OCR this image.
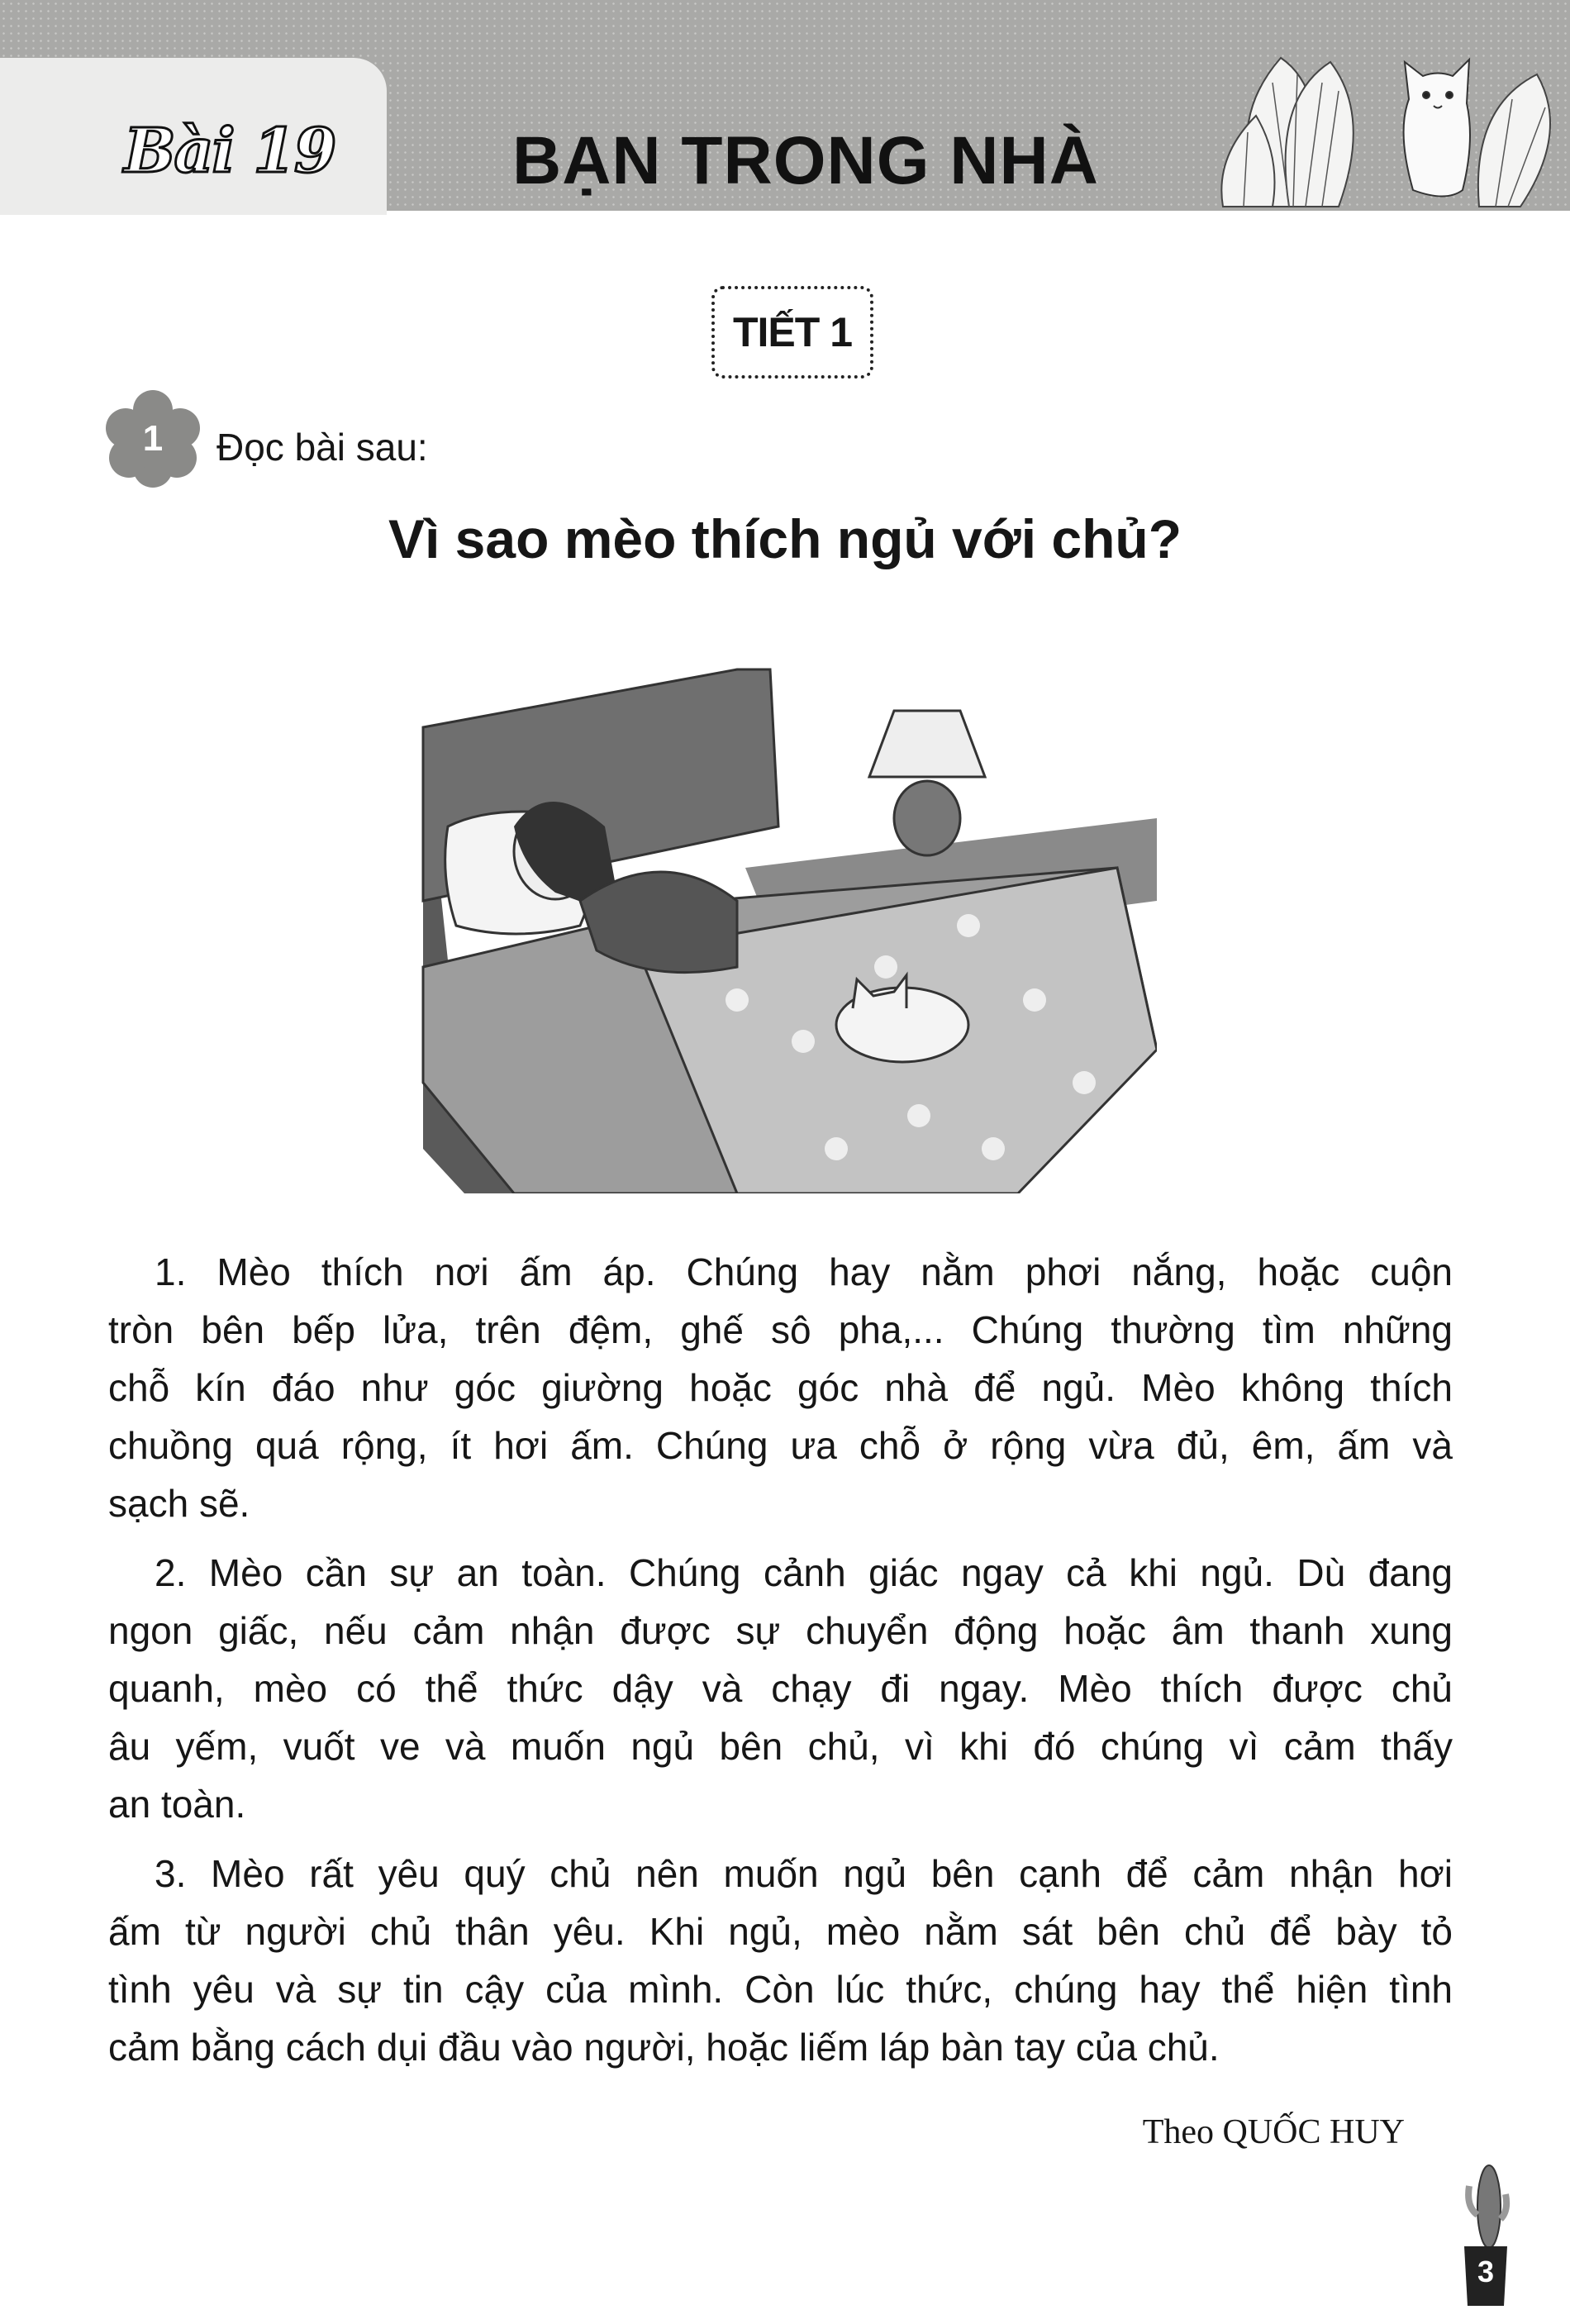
Bài 19	BẠN TRONG NHÀ
TIẾT 1
1	Đọc bài sau:
Vì sao mèo thích ngủ với chủ?
1. Mèo thích nơi ấm áp. Chúng hay nằm phơi nắng, hoặc cuộn
tròn bên bếp lửa, trên đệm, ghế sô pha,... Chúng thường tìm những
chỗ kín đáo như góc giường hoặc góc nhà để ngủ. Mèo không thích
chuồng quá rộng, ít hơi ấm. Chúng ưa chỗ ở rộng vừa đủ, êm, ấm và
sạch sẽ.
2. Mèo cần sự an toàn. Chúng cảnh giác ngay cả khi ngủ. Dù đang
ngon giấc, nếu cảm nhận được sự chuyển động hoặc âm thanh xung
quanh, mèo có thể thức dậy và chạy đi ngay. Mèo thích được chủ
âu yếm, vuốt ve và muốn ngủ bên chủ, vì khi đó chúng vì cảm thấy
an toàn.
3. Mèo rất yêu quý chủ nên muốn ngủ bên cạnh để cảm nhận hơi
ấm từ người chủ thân yêu. Khi ngủ, mèo nằm sát bên chủ để bày tỏ
tình yêu và sự tin cậy của mình. Còn lúc thức, chúng hay thể hiện tình
cảm bằng cách dụi đầu vào người, hoặc liếm láp bàn tay của chủ.
Theo QUỐC HUY
3
